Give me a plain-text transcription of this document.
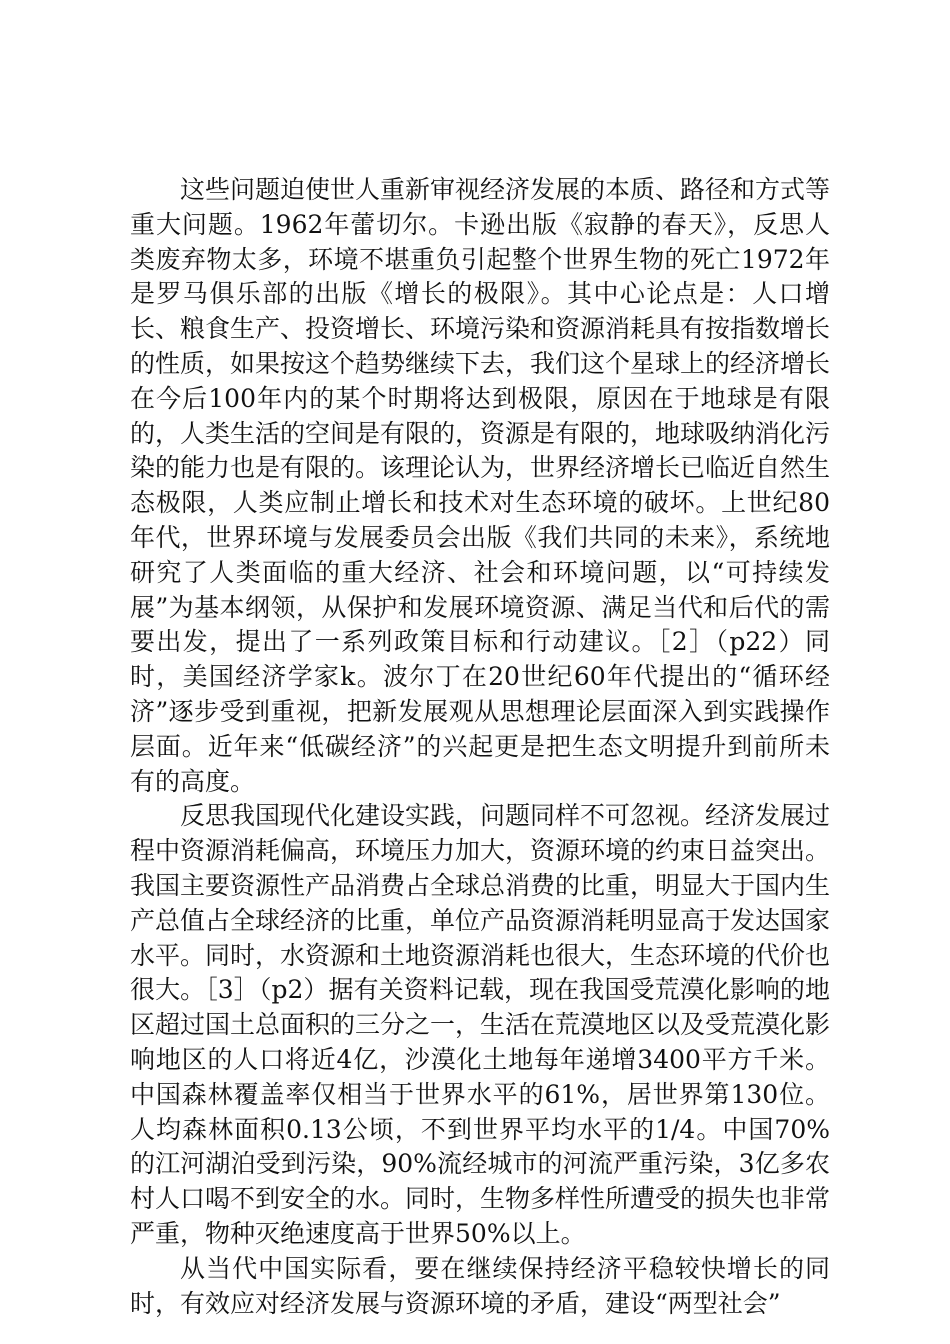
这些问题迫使世人重新审视经济发展的本质、路径和方式等重大问题。1962年蕾切尔。卡逊出版《寂静的春天》，反思人类废弃物太多，环境不堪重负引起整个世界生物的死亡1972年是罗马俱乐部的出版《增长的极限》。其中心论点是：人口增长、粮食生产、投资增长、环境污染和资源消耗具有按指数增长的性质，如果按这个趋势继续下去，我们这个星球上的经济增长在今后100年内的某个时期将达到极限，原因在于地球是有限的，人类生活的空间是有限的，资源是有限的，地球吸纳消化污染的能力也是有限的。该理论认为，世界经济增长已临近自然生态极限，人类应制止增长和技术对生态环境的破坏。上世纪80年代，世界环境与发展委员会出版《我们共同的未来》，系统地研究了人类面临的重大经济、社会和环境问题，以“可持续发展”为基本纲领，从保护和发展环境资源、满足当代和后代的需要出发，提出了一系列政策目标和行动建议。［2］（p22）同时，美国经济学家k。波尔丁在20世纪60年代提出的“循环经济”逐步受到重视，把新发展观从思想理论层面深入到实践操作层面。近年来“低碳经济”的兴起更是把生态文明提升到前所未有的高度。

反思我国现代化建设实践，问题同样不可忽视。经济发展过程中资源消耗偏高，环境压力加大，资源环境的约束日益突出。我国主要资源性产品消费占全球总消费的比重，明显大于国内生产总值占全球经济的比重，单位产品资源消耗明显高于发达国家水平。同时，水资源和土地资源消耗也很大，生态环境的代价也很大。［3］（p2）据有关资料记载，现在我国受荒漠化影响的地区超过国土总面积的三分之一，生活在荒漠地区以及受荒漠化影响地区的人口将近4亿，沙漠化土地每年递增3400平方千米。中国森林覆盖率仅相当于世界水平的61%，居世界第130位。人均森林面积0.13公顷，不到世界平均水平的1/4。中国70%的江河湖泊受到污染，90%流经城市的河流严重污染，3亿多农村人口喝不到安全的水。同时，生物多样性所遭受的损失也非常严重，物种灭绝速度高于世界50%以上。

从当代中国实际看，要在继续保持经济平稳较快增长的同时，有效应对经济发展与资源环境的矛盾，建设“两型社会”
